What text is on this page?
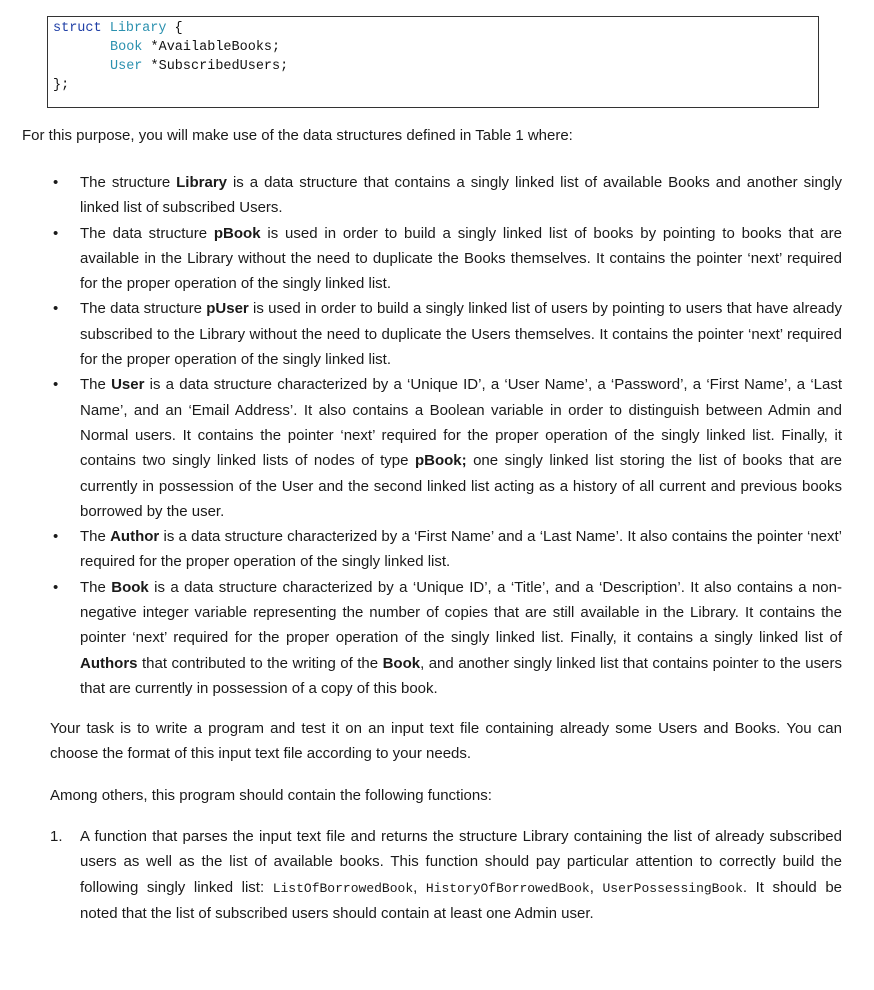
struct Library {
Book *AvailableBooks;
User *SubscribedUsers;
};
For this purpose, you will make use of the data structures defined in Table 1 where:
• The structure Library is a data structure that contains a singly linked list of available Books and another singly linked list of subscribed Users.
• The data structure pBook is used in order to build a singly linked list of books by pointing to books that are available in the Library without the need to duplicate the Books themselves. It contains the pointer ‘next’ required for the proper operation of the singly linked list.
• The data structure pUser is used in order to build a singly linked list of users by pointing to users that have already subscribed to the Library without the need to duplicate the Users themselves. It contains the pointer ‘next’ required for the proper operation of the singly linked list.
• The User is a data structure characterized by a ‘Unique ID’, a ‘User Name’, a ‘Password’, a ‘First Name’, a ‘Last Name’, and an ‘Email Address’. It also contains a Boolean variable in order to distinguish between Admin and Normal users. It contains the pointer ‘next’ required for the proper operation of the singly linked list. Finally, it contains two singly linked lists of nodes of type pBook; one singly linked list storing the list of books that are currently in possession of the User and the second linked list acting as a history of all current and previous books borrowed by the user.
• The Author is a data structure characterized by a ‘First Name’ and a ‘Last Name’. It also contains the pointer ‘next’ required for the proper operation of the singly linked list.
• The Book is a data structure characterized by a ‘Unique ID’, a ‘Title’, and a ‘Description’. It also contains a non-negative integer variable representing the number of copies that are still available in the Library. It contains the pointer ‘next’ required for the proper operation of the singly linked list. Finally, it contains a singly linked list of Authors that contributed to the writing of the Book, and another singly linked list that contains pointer to the users that are currently in possession of a copy of this book.
Your task is to write a program and test it on an input text file containing already some Users and Books. You can choose the format of this input text file according to your needs.
Among others, this program should contain the following functions:
1. A function that parses the input text file and returns the structure Library containing the list of already subscribed users as well as the list of available books. This function should pay particular attention to correctly build the following singly linked list: ListOfBorrowedBook, HistoryOfBorrowedBook, UserPossessingBook. It should be noted that the list of subscribed users should contain at least one Admin user.
